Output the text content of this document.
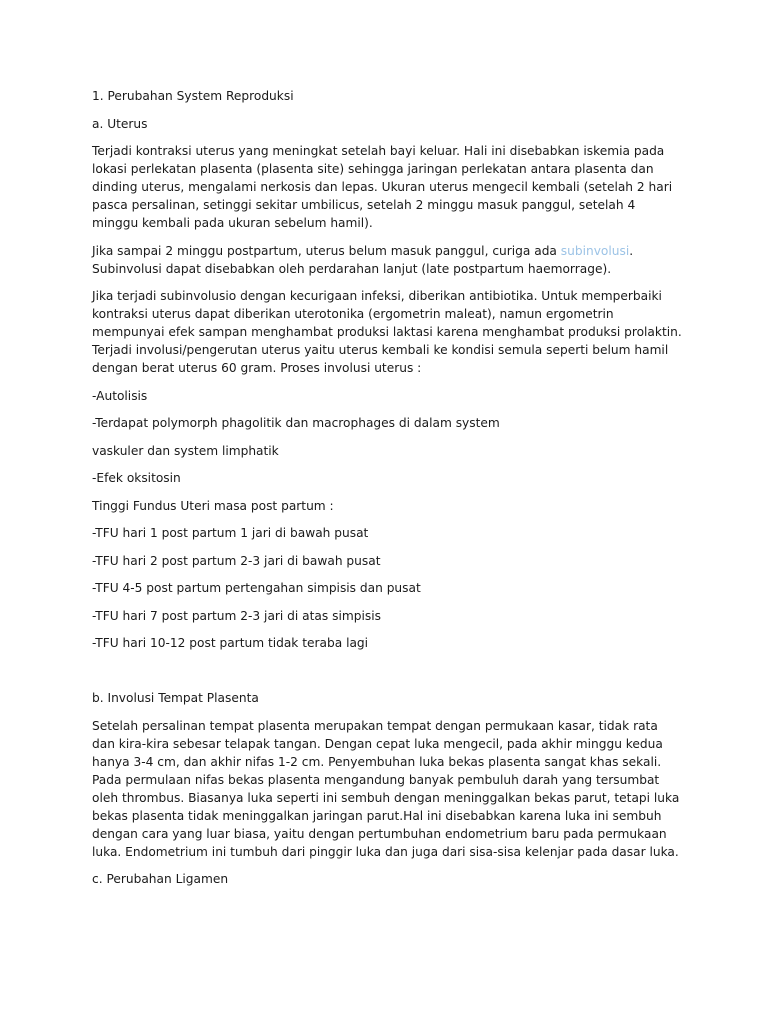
1. Perubahan System Reproduksi

a. Uterus

Terjadi kontraksi uterus yang meningkat setelah bayi keluar. Hali ini disebabkan iskemia pada lokasi perlekatan plasenta (plasenta site) sehingga jaringan perlekatan antara plasenta dan dinding uterus, mengalami nerkosis dan lepas. Ukuran uterus mengecil kembali (setelah 2 hari pasca persalinan, setinggi sekitar umbilicus, setelah 2 minggu masuk panggul, setelah 4 minggu kembali pada ukuran sebelum hamil).

Jika sampai 2 minggu postpartum, uterus belum masuk panggul, curiga ada subinvolusi. Subinvolusi dapat disebabkan oleh perdarahan lanjut (late postpartum haemorrage).

Jika terjadi subinvolusio dengan kecurigaan infeksi, diberikan antibiotika. Untuk memperbaiki kontraksi uterus dapat diberikan uterotonika (ergometrin maleat), namun ergometrin mempunyai efek sampan menghambat produksi laktasi karena menghambat produksi prolaktin. Terjadi involusi/pengerutan uterus yaitu uterus kembali ke kondisi semula seperti belum hamil dengan berat uterus 60 gram. Proses involusi uterus :

-Autolisis

-Terdapat polymorph phagolitik dan macrophages di dalam system

vaskuler dan system limphatik

-Efek oksitosin

Tinggi Fundus Uteri masa post partum :

-TFU hari 1 post partum 1 jari di bawah pusat

-TFU hari 2 post partum 2-3 jari di bawah pusat

-TFU 4-5 post partum pertengahan simpisis dan pusat

-TFU hari 7 post partum 2-3 jari di atas simpisis

-TFU hari 10-12 post partum tidak teraba lagi

b. Involusi Tempat Plasenta

Setelah persalinan tempat plasenta merupakan tempat dengan permukaan kasar, tidak rata dan kira-kira sebesar telapak tangan. Dengan cepat luka mengecil, pada akhir minggu kedua hanya 3-4 cm, dan akhir nifas 1-2 cm. Penyembuhan luka bekas plasenta sangat khas sekali. Pada permulaan nifas bekas plasenta mengandung banyak pembuluh darah yang tersumbat oleh thrombus. Biasanya luka seperti ini sembuh dengan meninggalkan bekas parut, tetapi luka bekas plasenta tidak meninggalkan jaringan parut.Hal ini disebabkan karena luka ini sembuh dengan cara yang luar biasa, yaitu dengan pertumbuhan endometrium baru pada permukaan luka. Endometrium ini tumbuh dari pinggir luka dan juga dari sisa-sisa kelenjar pada dasar luka.

c. Perubahan Ligamen
